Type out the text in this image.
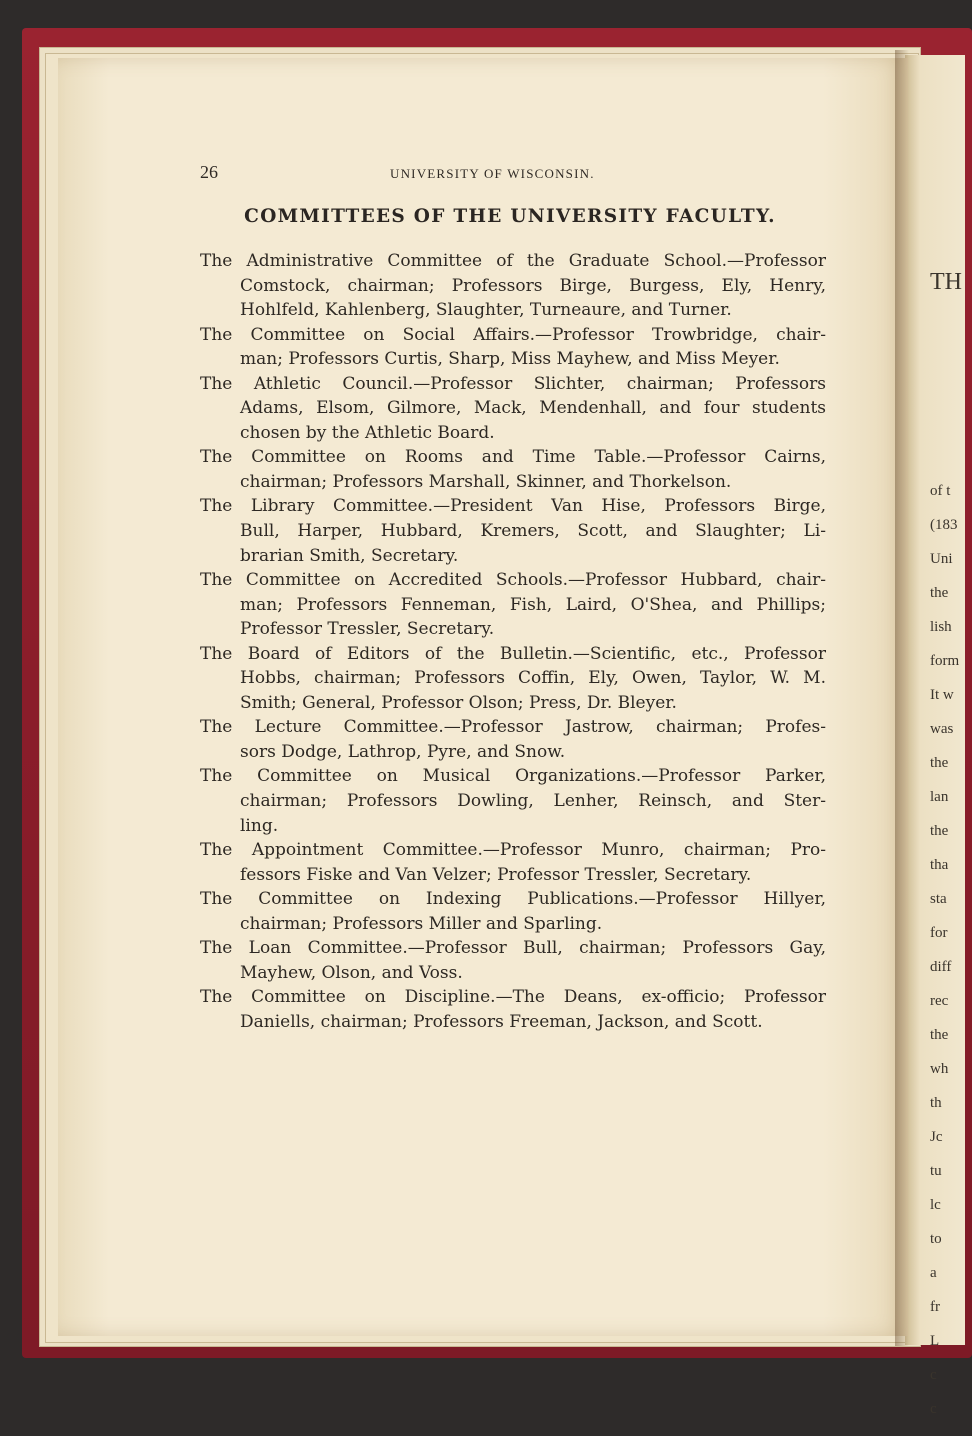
TH
of t
(183
Uni
the
lish
form
It w
was
the
lan
the
tha
sta
for
diff
rec
the
wh
th
Jc
tu
lc
to
a
fr
L
c
c
26	UNIVERSITY OF WISCONSIN.
COMMITTEES OF THE UNIVERSITY FACULTY.
The Administrative Committee of the Graduate School.—Professor
Comstock, chairman; Professors Birge, Burgess, Ely, Henry,
Hohlfeld, Kahlenberg, Slaughter, Turneaure, and Turner.
The Committee on Social Affairs.—Professor Trowbridge, chair-
man; Professors Curtis, Sharp, Miss Mayhew, and Miss Meyer.
The Athletic Council.—Professor Slichter, chairman; Professors
Adams, Elsom, Gilmore, Mack, Mendenhall, and four students
chosen by the Athletic Board.
The Committee on Rooms and Time Table.—Professor Cairns,
chairman; Professors Marshall, Skinner, and Thorkelson.
The Library Committee.—President Van Hise, Professors Birge,
Bull, Harper, Hubbard, Kremers, Scott, and Slaughter; Li-
brarian Smith, Secretary.
The Committee on Accredited Schools.—Professor Hubbard, chair-
man; Professors Fenneman, Fish, Laird, O'Shea, and Phillips;
Professor Tressler, Secretary.
The Board of Editors of the Bulletin.—Scientific, etc., Professor
Hobbs, chairman; Professors Coffin, Ely, Owen, Taylor, W. M.
Smith; General, Professor Olson; Press, Dr. Bleyer.
The Lecture Committee.—Professor Jastrow, chairman; Profes-
sors Dodge, Lathrop, Pyre, and Snow.
The Committee on Musical Organizations.—Professor Parker,
chairman; Professors Dowling, Lenher, Reinsch, and Ster-
ling.
The Appointment Committee.—Professor Munro, chairman; Pro-
fessors Fiske and Van Velzer; Professor Tressler, Secretary.
The Committee on Indexing Publications.—Professor Hillyer,
chairman; Professors Miller and Sparling.
The Loan Committee.—Professor Bull, chairman; Professors Gay,
Mayhew, Olson, and Voss.
The Committee on Discipline.—The Deans, ex-officio; Professor
Daniells, chairman; Professors Freeman, Jackson, and Scott.
